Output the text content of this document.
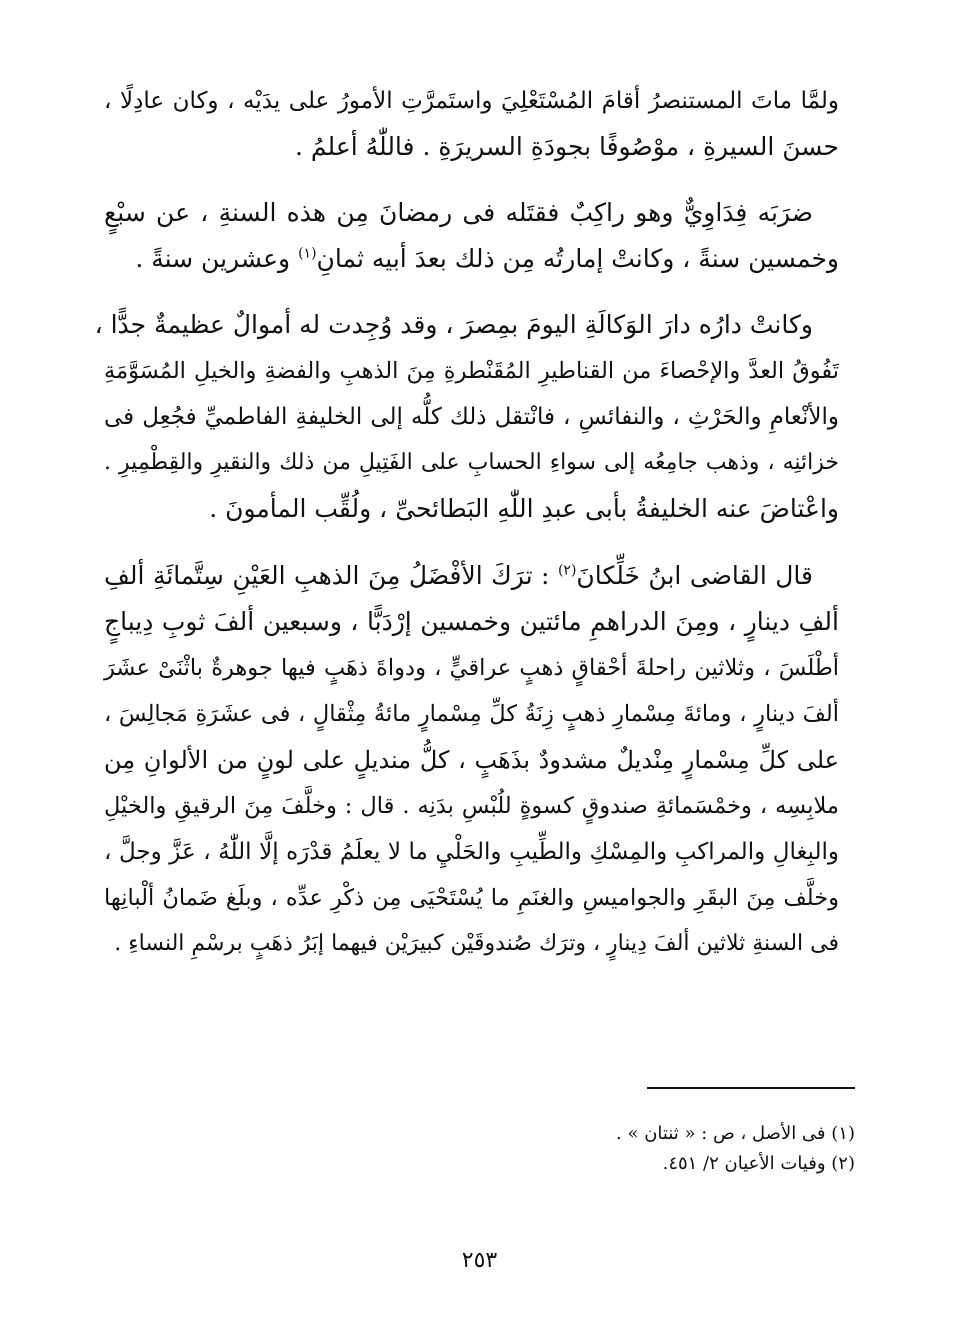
ولمَّا ماتَ المستنصرُ أقامَ المُسْتَعْلِيَ واستَمرَّتِ الأمورُ على يدَيْه ، وكان عادِلًا ،
حسنَ السيرةِ ، موْصُوفًا بجودَةِ السريرَةِ . فاللّٰهُ أعلمُ .
ضرَبَه فِدَاوِيٌّ وهو راكِبٌ فقتَله فى رمضانَ مِن هذه السنةِ ، عن سبْعٍ
وخمسين سنةً ، وكانتْ إمارتُه مِن ذلك بعدَ أبيه ثمانِ$^{(١)}$ وعشرين سنةً .
وكانتْ دارُه دارَ الوَكالَةِ اليومَ بمِصرَ ، وقد وُجِدت له أموالٌ عظيمةٌ جدًّا ،
تَفُوقُ العدَّ والإحْصاءَ من القناطيرِ المُقَنْطرةِ مِنَ الذهبِ والفضةِ والخيلِ المُسَوَّمَةِ
والأنْعامِ والحَرْثِ ، والنفائسِ ، فانْتقل ذلك كلُّه إلى الخليفةِ الفاطميِّ فجُعِل فى
خزائنِه ، وذهب جامِعُه إلى سواءِ الحسابِ على الفَتِيلِ من ذلك والنقيرِ والقِطْمِيرِ .
واعْتاضَ عنه الخليفةُ بأبى عبدِ اللّٰهِ البَطائحىِّ ، ولُقِّب المأمونَ .
قال القاضى ابنُ خَلِّكانَ$^{(٢)}$ : ترَكَ الأفْضَلُ مِنَ الذهبِ العَيْنِ سِتَّمائَةِ ألفِ
ألفِ دينارٍ ، ومِنَ الدراهمِ مائتين وخمسين إرْدَبًّا ، وسبعين ألفَ ثوبِ دِيباجٍ
أطْلَسَ ، وثلاثين راحلةَ أحْقاقٍ ذهبٍ عراقيٍّ ، ودواةَ ذهَبٍ فيها جوهرةٌ باثْنَىْ عشَرَ
ألفَ دينارٍ ، ومائةَ مِسْمارِ ذهبٍ زِنَةُ كلِّ مِسْمارٍ مائةُ مِثْقالٍ ، فى عشَرَةِ مَجالِسَ ،
على كلِّ مِسْمارٍ مِنْديلٌ مشدودٌ بذَهَبٍ ، كلُّ منديلٍ على لونٍ من الألوانِ مِن
ملابِسِه ، وخمْسَمائةِ صندوقٍ كسوةٍ للُبْسِ بدَنِه . قال : وخلَّفَ مِنَ الرقيقِ والخيْلِ
والبِغالِ والمراكبِ والمِسْكِ والطِّيبِ والحَلْيِ ما لا يعلَمُ قدْرَه إلَّا اللّٰهُ ، عَزَّ وجلَّ ،
وخلَّف مِنَ البقَرِ والجواميسِ والغنَمِ ما يُسْتَحْيَى مِن ذكْرِ عدِّه ، وبلَغ ضَمانُ ألْبانِها
فى السنةِ ثلاثين ألفَ دِينارٍ ، وترَك صُندوقَيْن كبيرَيْن فيهما إبَرُ ذهَبٍ برسْمِ النساءِ .
(١) فى الأصل ، ص : « ثنتان » .
(٢) وفيات الأعيان ٢/ ٤٥١.
٢٥٣
